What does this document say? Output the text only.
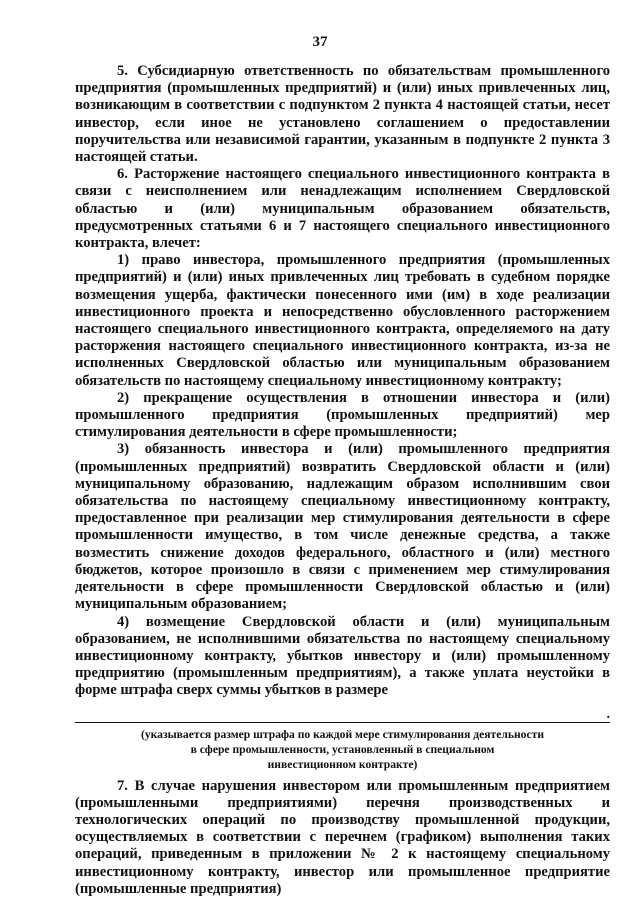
37

5. Субсидиарную ответственность по обязательствам промышленного предприятия (промышленных предприятий) и (или) иных привлеченных лиц, возникающим в соответствии с подпунктом 2 пункта 4 настоящей статьи, несет инвестор, если иное не установлено соглашением о предоставлении поручительства или независимой гарантии, указанным в подпункте 2 пункта 3 настоящей статьи.

6. Расторжение настоящего специального инвестиционного контракта в связи с неисполнением или ненадлежащим исполнением Свердловской областью и (или) муниципальным образованием обязательств, предусмотренных статьями 6 и 7 настоящего специального инвестиционного контракта, влечет:

1) право инвестора, промышленного предприятия (промышленных предприятий) и (или) иных привлеченных лиц требовать в судебном порядке возмещения ущерба, фактически понесенного ими (им) в ходе реализации инвестиционного проекта и непосредственно обусловленного расторжением настоящего специального инвестиционного контракта, определяемого на дату расторжения настоящего специального инвестиционного контракта, из-за не исполненных Свердловской областью или муниципальным образованием обязательств по настоящему специальному инвестиционному контракту;

2) прекращение осуществления в отношении инвестора и (или) промышленного предприятия (промышленных предприятий) мер стимулирования деятельности в сфере промышленности;

3) обязанность инвестора и (или) промышленного предприятия (промышленных предприятий) возвратить Свердловской области и (или) муниципальному образованию, надлежащим образом исполнившим свои обязательства по настоящему специальному инвестиционному контракту, предоставленное при реализации мер стимулирования деятельности в сфере промышленности имущество, в том числе денежные средства, а также возместить снижение доходов федерального, областного и (или) местного бюджетов, которое произошло в связи с применением мер стимулирования деятельности в сфере промышленности Свердловской областью и (или) муниципальным образованием;

4) возмещение Свердловской области и (или) муниципальным образованием, не исполнившими обязательства по настоящему специальному инвестиционному контракту, убытков инвестору и (или) промышленному предприятию (промышленным предприятиям), а также уплата неустойки в форме штрафа сверх суммы убытков в размере

.
(указывается размер штрафа по каждой мере стимулирования деятельности
в сфере промышленности, установленный в специальном
инвестиционном контракте)

7. В случае нарушения инвестором или промышленным предприятием (промышленными предприятиями) перечня производственных и технологических операций по производству промышленной продукции, осуществляемых в соответствии с перечнем (графиком) выполнения таких операций, приведенным в приложении № 2 к настоящему специальному инвестиционному контракту, инвестор или промышленное предприятие (промышленные предприятия)
